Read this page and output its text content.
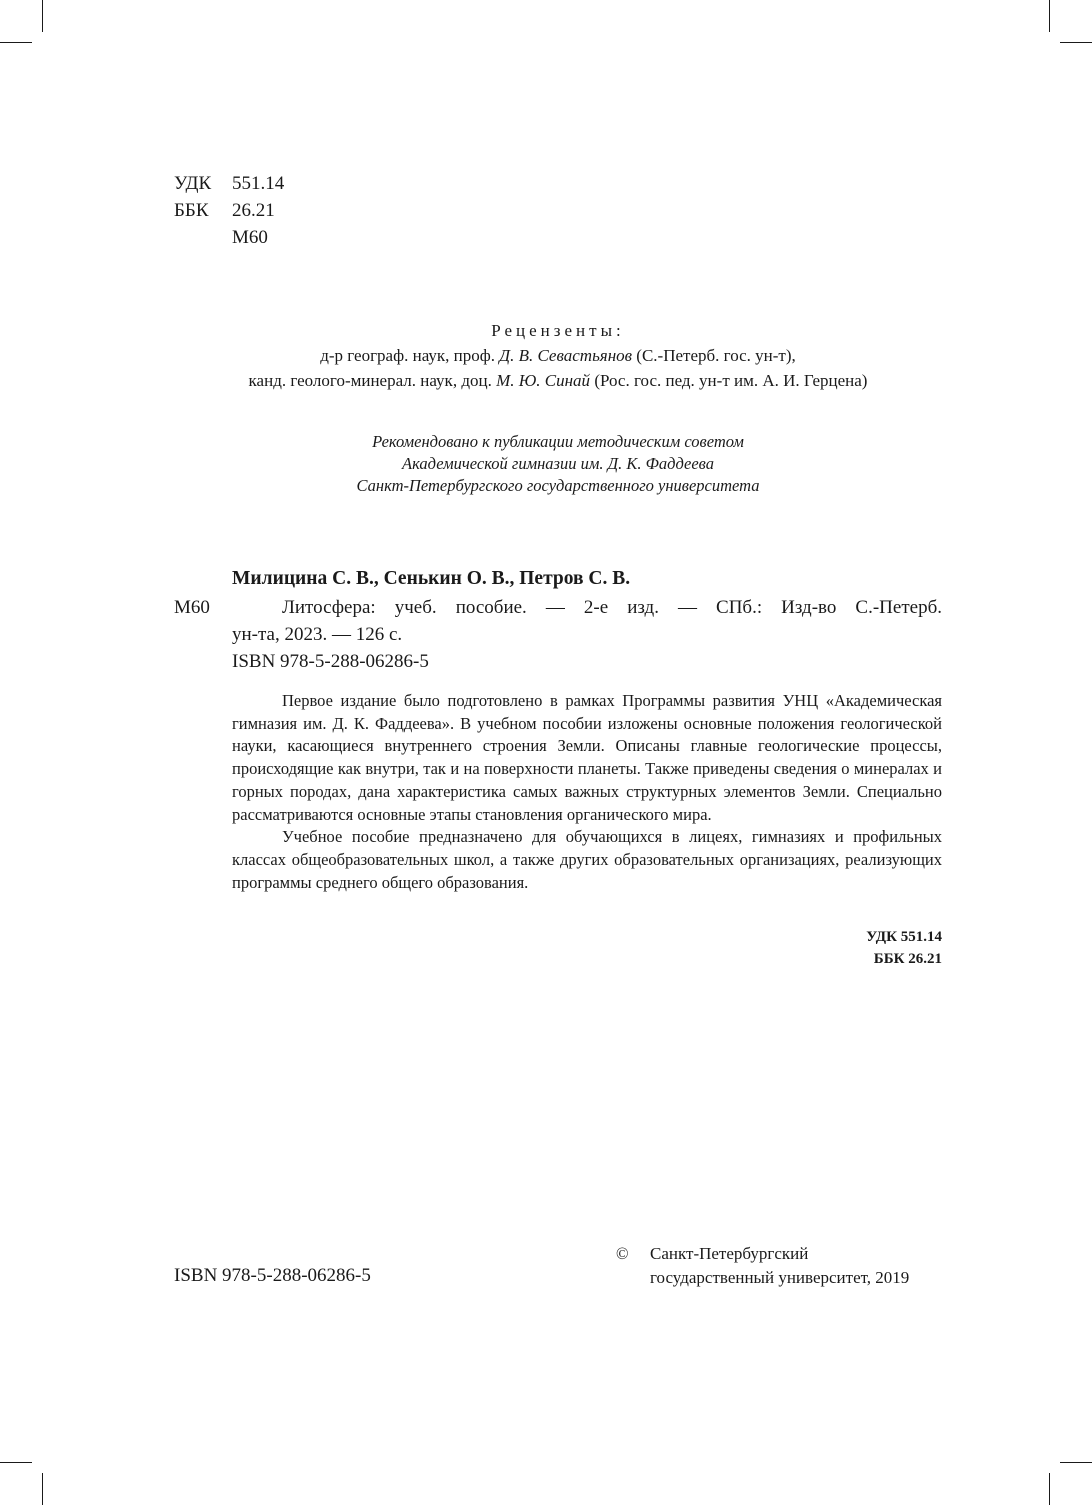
УДК 551.14
ББК 26.21
М60
Рецензенты:
д-р географ. наук, проф. Д. В. Севастьянов (С.-Петерб. гос. ун-т),
канд. геолого-минерал. наук, доц. М. Ю. Синай (Рос. гос. пед. ун-т им. А. И. Герцена)
Рекомендовано к публикации методическим советом
Академической гимназии им. Д. К. Фаддеева
Санкт-Петербургского государственного университета
Милицина С. В., Сенькин О. В., Петров С. В.
М60	Литосфера: учеб. пособие. — 2-е изд. — СПб.: Изд-во С.-Петерб.
ун-та, 2023. — 126 с.
ISBN 978-5-288-06286-5

Первое издание было подготовлено в рамках Программы развития УНЦ «Академическая гимназия им. Д. К. Фаддеева». В учебном пособии изложены основные положения геологической науки, касающиеся внутреннего строения Земли. Описаны главные геологические процессы, происходящие как внутри, так и на поверхности планеты. Также приведены сведения о минералах и горных породах, дана характеристика самых важных структурных элементов Земли. Специально рассматриваются основные этапы становления органического мира.

Учебное пособие предназначено для обучающихся в лицеях, гимназиях и профильных классах общеобразовательных школ, а также других образовательных организациях, реализующих программы среднего общего образования.

УДК 551.14
ББК 26.21
ISBN 978-5-288-06286-5
© Санкт-Петербургский
государственный университет, 2019
